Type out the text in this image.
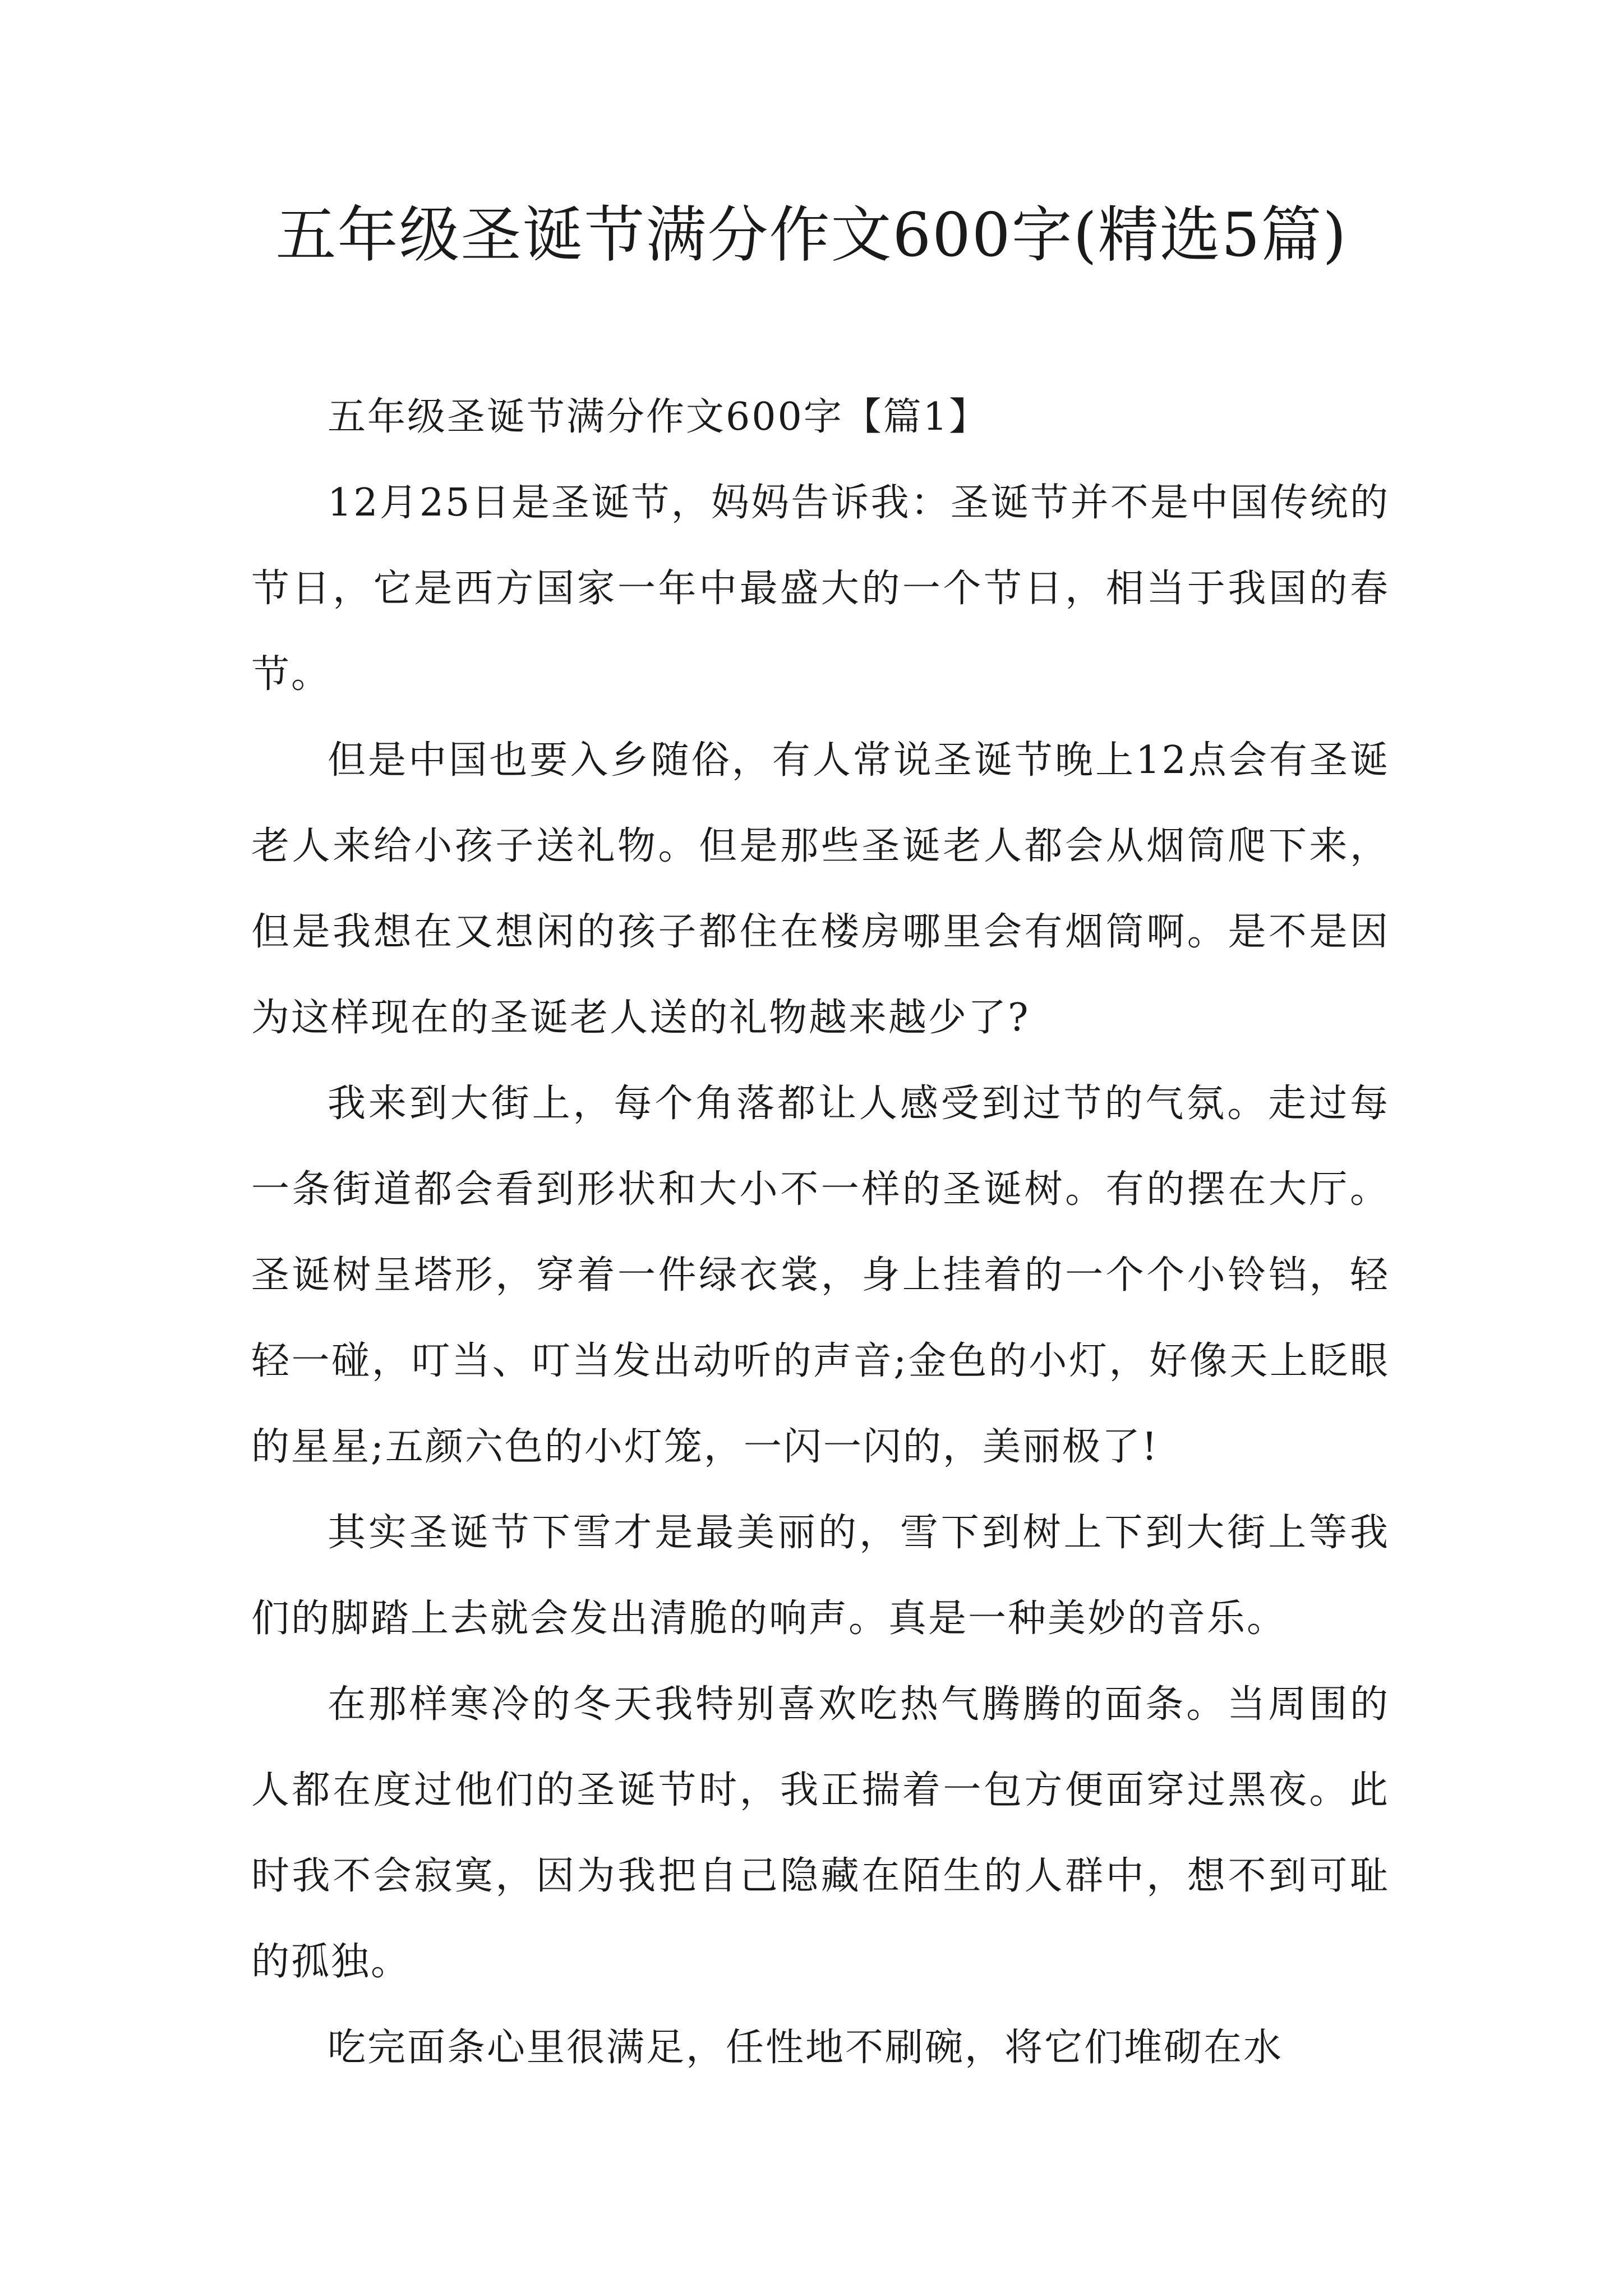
五年级圣诞节满分作文600字(精选5篇)

五年级圣诞节满分作文600字【篇1】

12月25日是圣诞节，妈妈告诉我：圣诞节并不是中国传统的节日，它是西方国家一年中最盛大的一个节日，相当于我国的春节。

但是中国也要入乡随俗，有人常说圣诞节晚上12点会有圣诞老人来给小孩子送礼物。但是那些圣诞老人都会从烟筒爬下来，但是我想在又想闲的孩子都住在楼房哪里会有烟筒啊。是不是因为这样现在的圣诞老人送的礼物越来越少了?

我来到大街上，每个角落都让人感受到过节的气氛。走过每一条街道都会看到形状和大小不一样的圣诞树。有的摆在大厅。圣诞树呈塔形，穿着一件绿衣裳，身上挂着的一个个小铃铛，轻轻一碰，叮当、叮当发出动听的声音;金色的小灯，好像天上眨眼的星星;五颜六色的小灯笼，一闪一闪的，美丽极了!

其实圣诞节下雪才是最美丽的，雪下到树上下到大街上等我们的脚踏上去就会发出清脆的响声。真是一种美妙的音乐。

在那样寒冷的冬天我特别喜欢吃热气腾腾的面条。当周围的人都在度过他们的圣诞节时，我正揣着一包方便面穿过黑夜。此时我不会寂寞，因为我把自己隐藏在陌生的人群中，想不到可耻的孤独。

吃完面条心里很满足，任性地不刷碗，将它们堆砌在水
